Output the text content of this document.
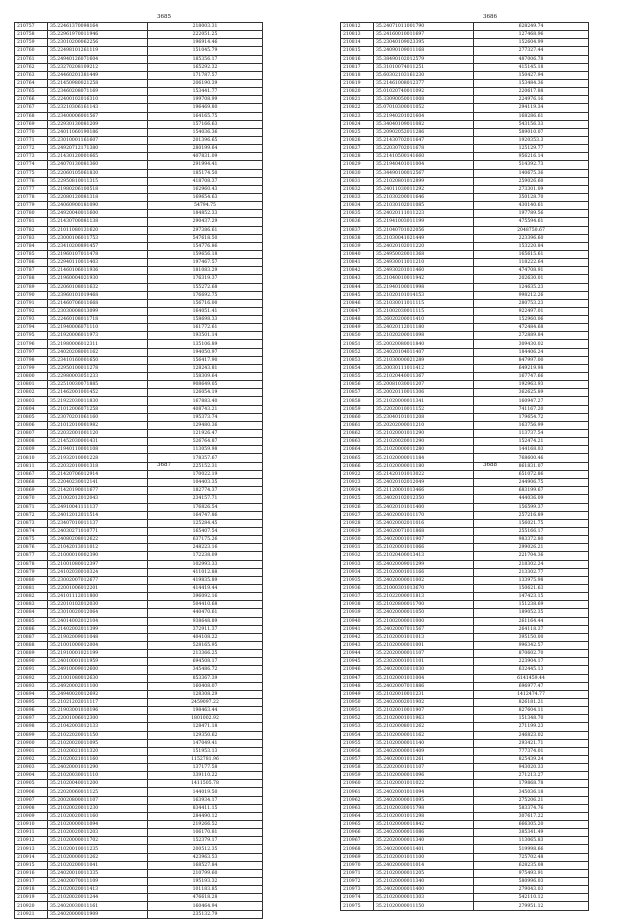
3685
210757	35.22461370098164	218003.31
210758	35.22961970011946	222051.25
210759	35.23010200062256	196914.46
210760	35.22498101261119	151045.79
210761	35.24940126071604	185356.17
210762	35.23270208109212	165292.32
210763	35.24460201381449	171787.57
210764	35.21450980021258	206190.39
210765	35.23460208071169	153441.77
210766	35.22400102016310	199708.99
210767	35.23210306161143	196469.80
210768	35.23400006001567	164165.75
210769	35.22930130081209	157166.63
210770	35.24011060190186	154036.36
210771	35.23010001161607	201396.65
210772	35.24920712171380	280199.64
210773	35.21430120001665	407831.09
210774	35.24070130081360	291994.41
210775	35.22060105061830	185174.50
210776	35.22950810011315	418708.37
210777	35.21980206100518	162960.43
210778	35.22080120081318	169654.63
210779	35.24060900181090	54794.75
210780	35.24920040011600	184852.33
210781	35.21430700081138	290437.29
210782	35.21011080131620	297386.61
210783	35.23000106011753	547618.50
210784	35.23410200891457	154776.86
210785	35.21960107011478	159656.18
210786	35.22940110011403	197467.57
210787	35.21460106011936	181083.29
210788	35.21960004021930	176319.37
210789	35.22060108011632	155272.68
210790	35.23960101019468	176692.75
210791	35.21460706011668	156716.00
210792	35.23030008013099	164051.41
210793	35.22460108011718	158698.33
210794	35.21940006071110	161772.61
210795	35.21920006011973	193501.14
210796	35.21980006012311	135106.89
210797	35.24020208001162	194050.97
210798	35.23410160001650	156417.90
210799	35.22950100011278	128243.81
210800	35.22980003051233	158309.64
210801	35.22510030071885	908649.05
210802	35.21462001001452	126054.19
210803	35.21922030011830	167883.40
210804	35.21012006071258	408743.21
210805	35.23070201061160	195373.74
210806	35.21012010001982	129480.36
210807	35.22032001001120	121926.47
210808	35.21452030001431	526764.87
210809	35.21940110001108	113059.98
210810	35.21932010001228	178357.67
210811	35.22032010001318	225152.31
3686
210812	35.24071011001790	628249.74
210813	35.24160010011697	127468.96
210814	35.23040109023395	152604.99
210815	35.24090109011168	277327.44
210816	35.38490102012579	487006.78
210817	35.31010074011251	415145.18
210818	35.60302103161230	150427.94
210819	35.21461008012377	153484.36
210820	35.01020740011092	220617.88
210821	35.33090050011008	224976.16
210822	35.07010300011052	294119.34
210823	35.21940201021604	168286.61
210824	35.34040109011082	543156.33
210825	35.20902052011286	589010.07
210826	35.21430702011647	1920353.3
210827	35.22030702011678	125129.77
210828	35.21410500141660	956216.14
210829	35.21940401011004	514392.73
210830	35.34490100012567	140675.36
210831	35.21020801012899	259026.60
210832	35.24011030011292	273301.09
210833	35.21030200011646	350128.70
210834	35.21030102011085	430140.61
210835	35.24020111011223	197789.56
210836	35.21941003011199	475594.61
210837	35.21040701022056	2048750.67
210838	35.21030041021449	223396.60
210839	35.24020102011220	153220.84
210840	35.24950020011368	165615.61
210841	35.24930011011210	118222.64
210842	35.24930201011460	474708.91
210843	35.21040010011942	202630.01
210844	35.21940100011998	124635.23
210845	35.21020101014153	998212.26
210846	35.21030011011115	280753.23
210847	35.21002030011115	922497.01
210848	35.26020200011410	152960.06
210849	35.24020112011180	472484.68
210850	35.21020200011098	272889.84
210851	35.20020080011840	309430.02
210852	35.24020104011407	184406.24
210853	35.21030000021289	847997.00
210854	35.20030111011412	649219.98
210855	35.21020440011367	167747.66
210856	35.20081030011207	192963.93
210857	35.20020110011306	362625.89
210858	35.21020000011341	160947.27
210859	35.22020010011152	741167.20
210860	35.23040101011208	179654.72
210861	35.20202000011210	163756.99
210862	35.21020001011290	113737.54
210863	35.21020020011290	152474.21
210864	35.21020000011280	144168.03
210865	35.21020000011184	768600.46
210866	35.21020000011180	861831.07
3687
210867	35.21420706012914	170022.19
210868	35.22040230012141	104403.35
210869	35.21420190011677	182774.37
210870	35.21002012012043	234157.71
210871	35.24910041111137	176826.54
210872	35.24012012011514	164747.86
210873	35.23407010011137	125284.45
210874	35.24030271010771	165407.54
210875	35.24080208012622	637175.26
210876	35.21042013011012	248223.16
210877	35.21000010002390	172238.09
210878	35.21001080012397	102993.33
210879	35.24102030010324	411012.88
210880	35.23002007012677	419835.89
210881	35.22001006012201	414419.44
210882	35.24101112011800	396092.16
210883	35.22010102012030	504410.68
210884	35.23010020012064	440470.61
210885	35.24014002012104	938648.89
210886	35.21402002011399	372911.37
210887	35.21902009011048	404108.22
210888	35.21001000012004	528165.95
210889	35.21910001021199	213366.25
210890	35.24010001011959	694508.17
210891	35.24910009012600	345486.72
210892	35.21001080012630	853367.39
210893	35.24920002011100	160408.07
210894	35.24940020012692	128308.29
210895	35.21021202011117	2459097.22
210896	35.21903001010196	198463.44
210897	35.22001006012300	1801002.92
210898	35.21042003012133	128471.18
210899	35.21022020011150	129350.62
210900	35.21020020011095	147049.41
210901	35.21020021011320	151953.13
210902	35.21020021011160	1152781.96
210903	35.24020001011290	137177.58
210904	35.21020030011110	339110.22
210905	35.21020040011200	1411505.78
210906	35.22020060011125	144019.50
210907	35.20020800011107	163934.17
210908	35.21020020011230	834411.15
210909	35.21020020011160	284490.12
210910	35.21020000011094	219266.52
210911	35.21020020011203	106170.81
210912	35.21020000011702	152379.17
210913	35.21020010011235	200512.35
210914	35.21020000011262	423963.53
210915	35.21020200011041	168527.84
210916	35.24020010011335	210799.60
210917	35.24020070011109	195193.32
210918	35.21020020011413	101183.85
210919	35.21020020011244	476618.28
210920	35.24020030011161	160464.94
210921	35.24020000011909	235132.79
3688
210922	35.21420101013022	651072.86
210923	35.24020102012049	244906.75
210924	35.21120001013466	683199.67
210925	35.24020102012350	444036.09
210926	35.24020101011400	156599.37
210927	35.24020001011170	257216.89
210928	35.24020002011016	156021.75
210929	35.24020071011868	255166.17
210930	35.24020001011907	983372.80
210931	35.21020001011066	299026.21
210932	35.21020400013413	221704.36
210933	35.24020009011299	218302.24
210934	35.21020001011166	213302.77
210935	35.24020000011002	133975.98
210936	35.21000301013670	150621.63
210937	35.21022000011813	147423.15
210938	35.21020800011700	151238.69
210939	35.24020000011050	189052.35
210940	35.21002000011000	261164.44
210941	35.24020007011567	264118.37
210942	35.21020001011013	395150.00
210943	35.21020000011001	996342.57
210944	35.22020000011107	870602.70
210945	35.23020001011101	223904.17
210946	35.24020003011030	632445.13
210947	35.21020001011004	6141459.44
210948	35.24020007011886	696977.47
210949	35.21020010011231	1412474.77
210950	35.24020002011902	826181.21
210951	35.21020010011907	827604.11
210952	35.21020001011963	151348.70
210953	35.21020008011262	271199.23
210954	35.21020000011162	246823.02
210955	35.21020000011140	293421.71
210956	35.24020000011409	777374.01
210957	35.24020001011261	825439.24
210958	35.22020001011107	943020.33
210959	35.21020000011096	271213.27
210960	35.21020001011022	179868.78
210961	35.24020001011094	345036.18
210962	35.24020000011095	275206.21
210963	35.21020030011798	583374.76
210964	35.21020001011298	307617.22
210965	35.21020000011842	666305.20
210966	35.24020000011086	385341.49
210967	35.22020000011340	113065.83
210968	35.24020000011401	519998.66
210969	35.21020001011100	725702.48
210970	35.24020000011014	628235.08
210971	35.21020000011205	975493.91
210972	35.21020000011340	580996.03
210973	35.24020000011400	279043.03
210974	35.21020000011303	542110.12
210975	35.21020000011150	279951.12
